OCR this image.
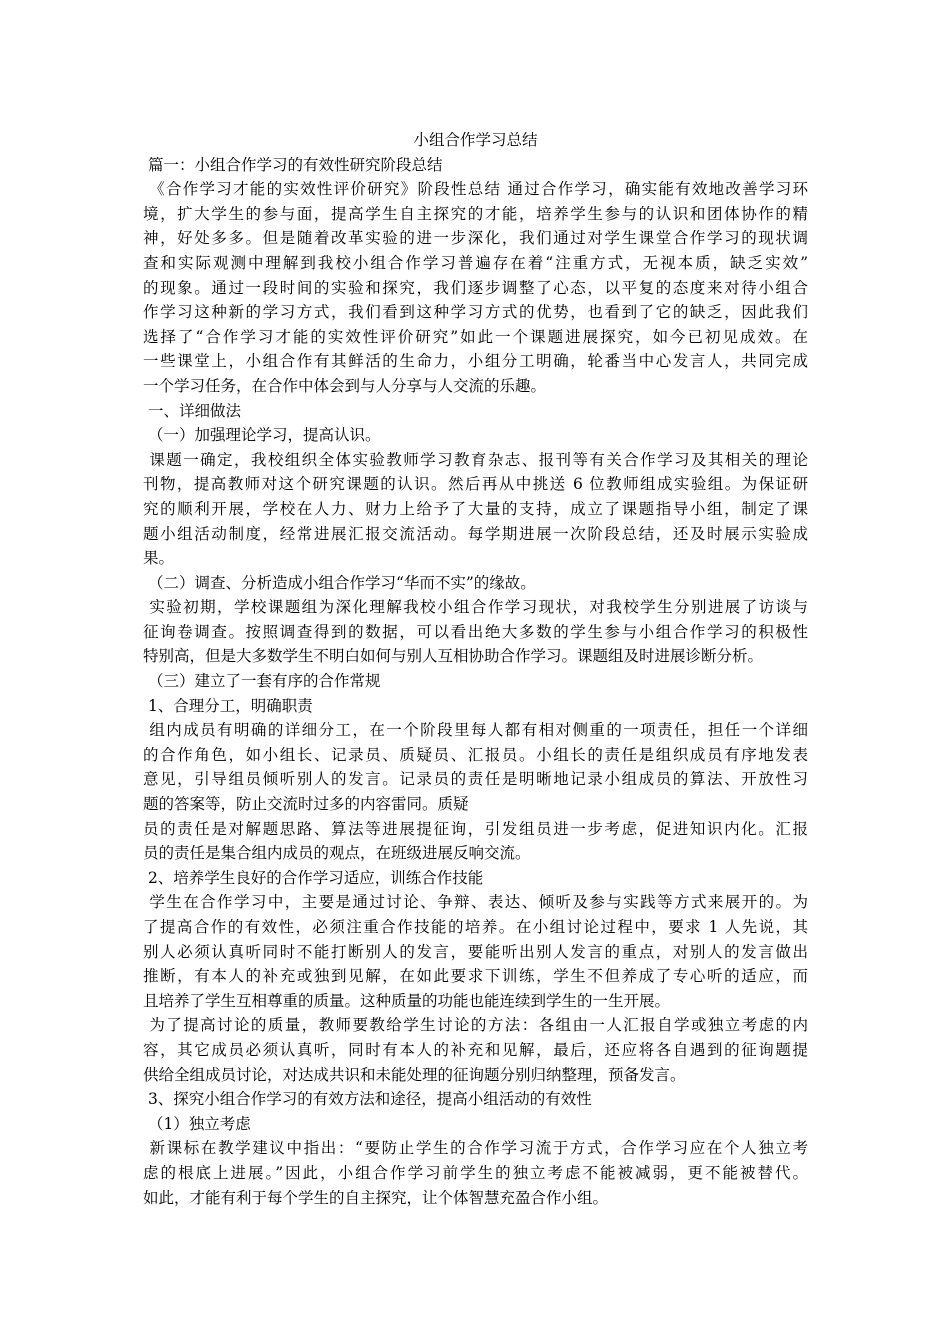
小组合作学习总结

篇一：小组合作学习的有效性研究阶段总结

《合作学习才能的实效性评价研究》阶段性总结 通过合作学习，确实能有效地改善学习环

境，扩大学生的参与面，提高学生自主探究的才能，培养学生参与的认识和团体协作的精

神，好处多多。但是随着改革实验的进一步深化，我们通过对学生课堂合作学习的现状调

查和实际观测中理解到我校小组合作学习普遍存在着“注重方式，无视本质，缺乏实效”

的现象。通过一段时间的实验和探究，我们逐步调整了心态，以平复的态度来对待小组合

作学习这种新的学习方式，我们看到这种学习方式的优势，也看到了它的缺乏，因此我们

选择了“合作学习才能的实效性评价研究”如此一个课题进展探究，如今已初见成效。在

一些课堂上，小组合作有其鲜活的生命力，小组分工明确，轮番当中心发言人，共同完成

一个学习任务，在合作中体会到与人分享与人交流的乐趣。

一、详细做法

（一）加强理论学习，提高认识。

课题一确定，我校组织全体实验教师学习教育杂志、报刊等有关合作学习及其相关的理论

刊物，提高教师对这个研究课题的认识。然后再从中挑送 6 位教师组成实验组。为保证研

究的顺利开展，学校在人力、财力上给予了大量的支持，成立了课题指导小组，制定了课

题小组活动制度，经常进展汇报交流活动。每学期进展一次阶段总结，还及时展示实验成

果。

（二）调查、分析造成小组合作学习“华而不实”的缘故。

实验初期，学校课题组为深化理解我校小组合作学习现状，对我校学生分别进展了访谈与

征询卷调查。按照调查得到的数据，可以看出绝大多数的学生参与小组合作学习的积极性

特别高，但是大多数学生不明白如何与别人互相协助合作学习。课题组及时进展诊断分析。

（三）建立了一套有序的合作常规

1、合理分工，明确职责

组内成员有明确的详细分工，在一个阶段里每人都有相对侧重的一项责任，担任一个详细

的合作角色，如小组长、记录员、质疑员、汇报员。小组长的责任是组织成员有序地发表

意见，引导组员倾听别人的发言。记录员的责任是明晰地记录小组成员的算法、开放性习

题的答案等，防止交流时过多的内容雷同。质疑

员的责任是对解题思路、算法等进展提征询，引发组员进一步考虑，促进知识内化。汇报

员的责任是集合组内成员的观点，在班级进展反响交流。

2、培养学生良好的合作学习适应，训练合作技能

学生在合作学习中，主要是通过讨论、争辩、表达、倾听及参与实践等方式来展开的。为

了提高合作的有效性，必须注重合作技能的培养。在小组讨论过程中，要求 1 人先说，其

别人必须认真听同时不能打断别人的发言，要能听出别人发言的重点，对别人的发言做出

推断，有本人的补充或独到见解，在如此要求下训练，学生不但养成了专心听的适应，而

且培养了学生互相尊重的质量。这种质量的功能也能连续到学生的一生开展。

为了提高讨论的质量，教师要教给学生讨论的方法：各组由一人汇报自学或独立考虑的内

容，其它成员必须认真听，同时有本人的补充和见解，最后，还应将各自遇到的征询题提

供给全组成员讨论，对达成共识和未能处理的征询题分别归纳整理，预备发言。

3、探究小组合作学习的有效方法和途径，提高小组活动的有效性

（1）独立考虑

新课标在教学建议中指出：“要防止学生的合作学习流于方式，合作学习应在个人独立考

虑的根底上进展。”因此，小组合作学习前学生的独立考虑不能被减弱，更不能被替代。

如此，才能有利于每个学生的自主探究，让个体智慧充盈合作小组。
